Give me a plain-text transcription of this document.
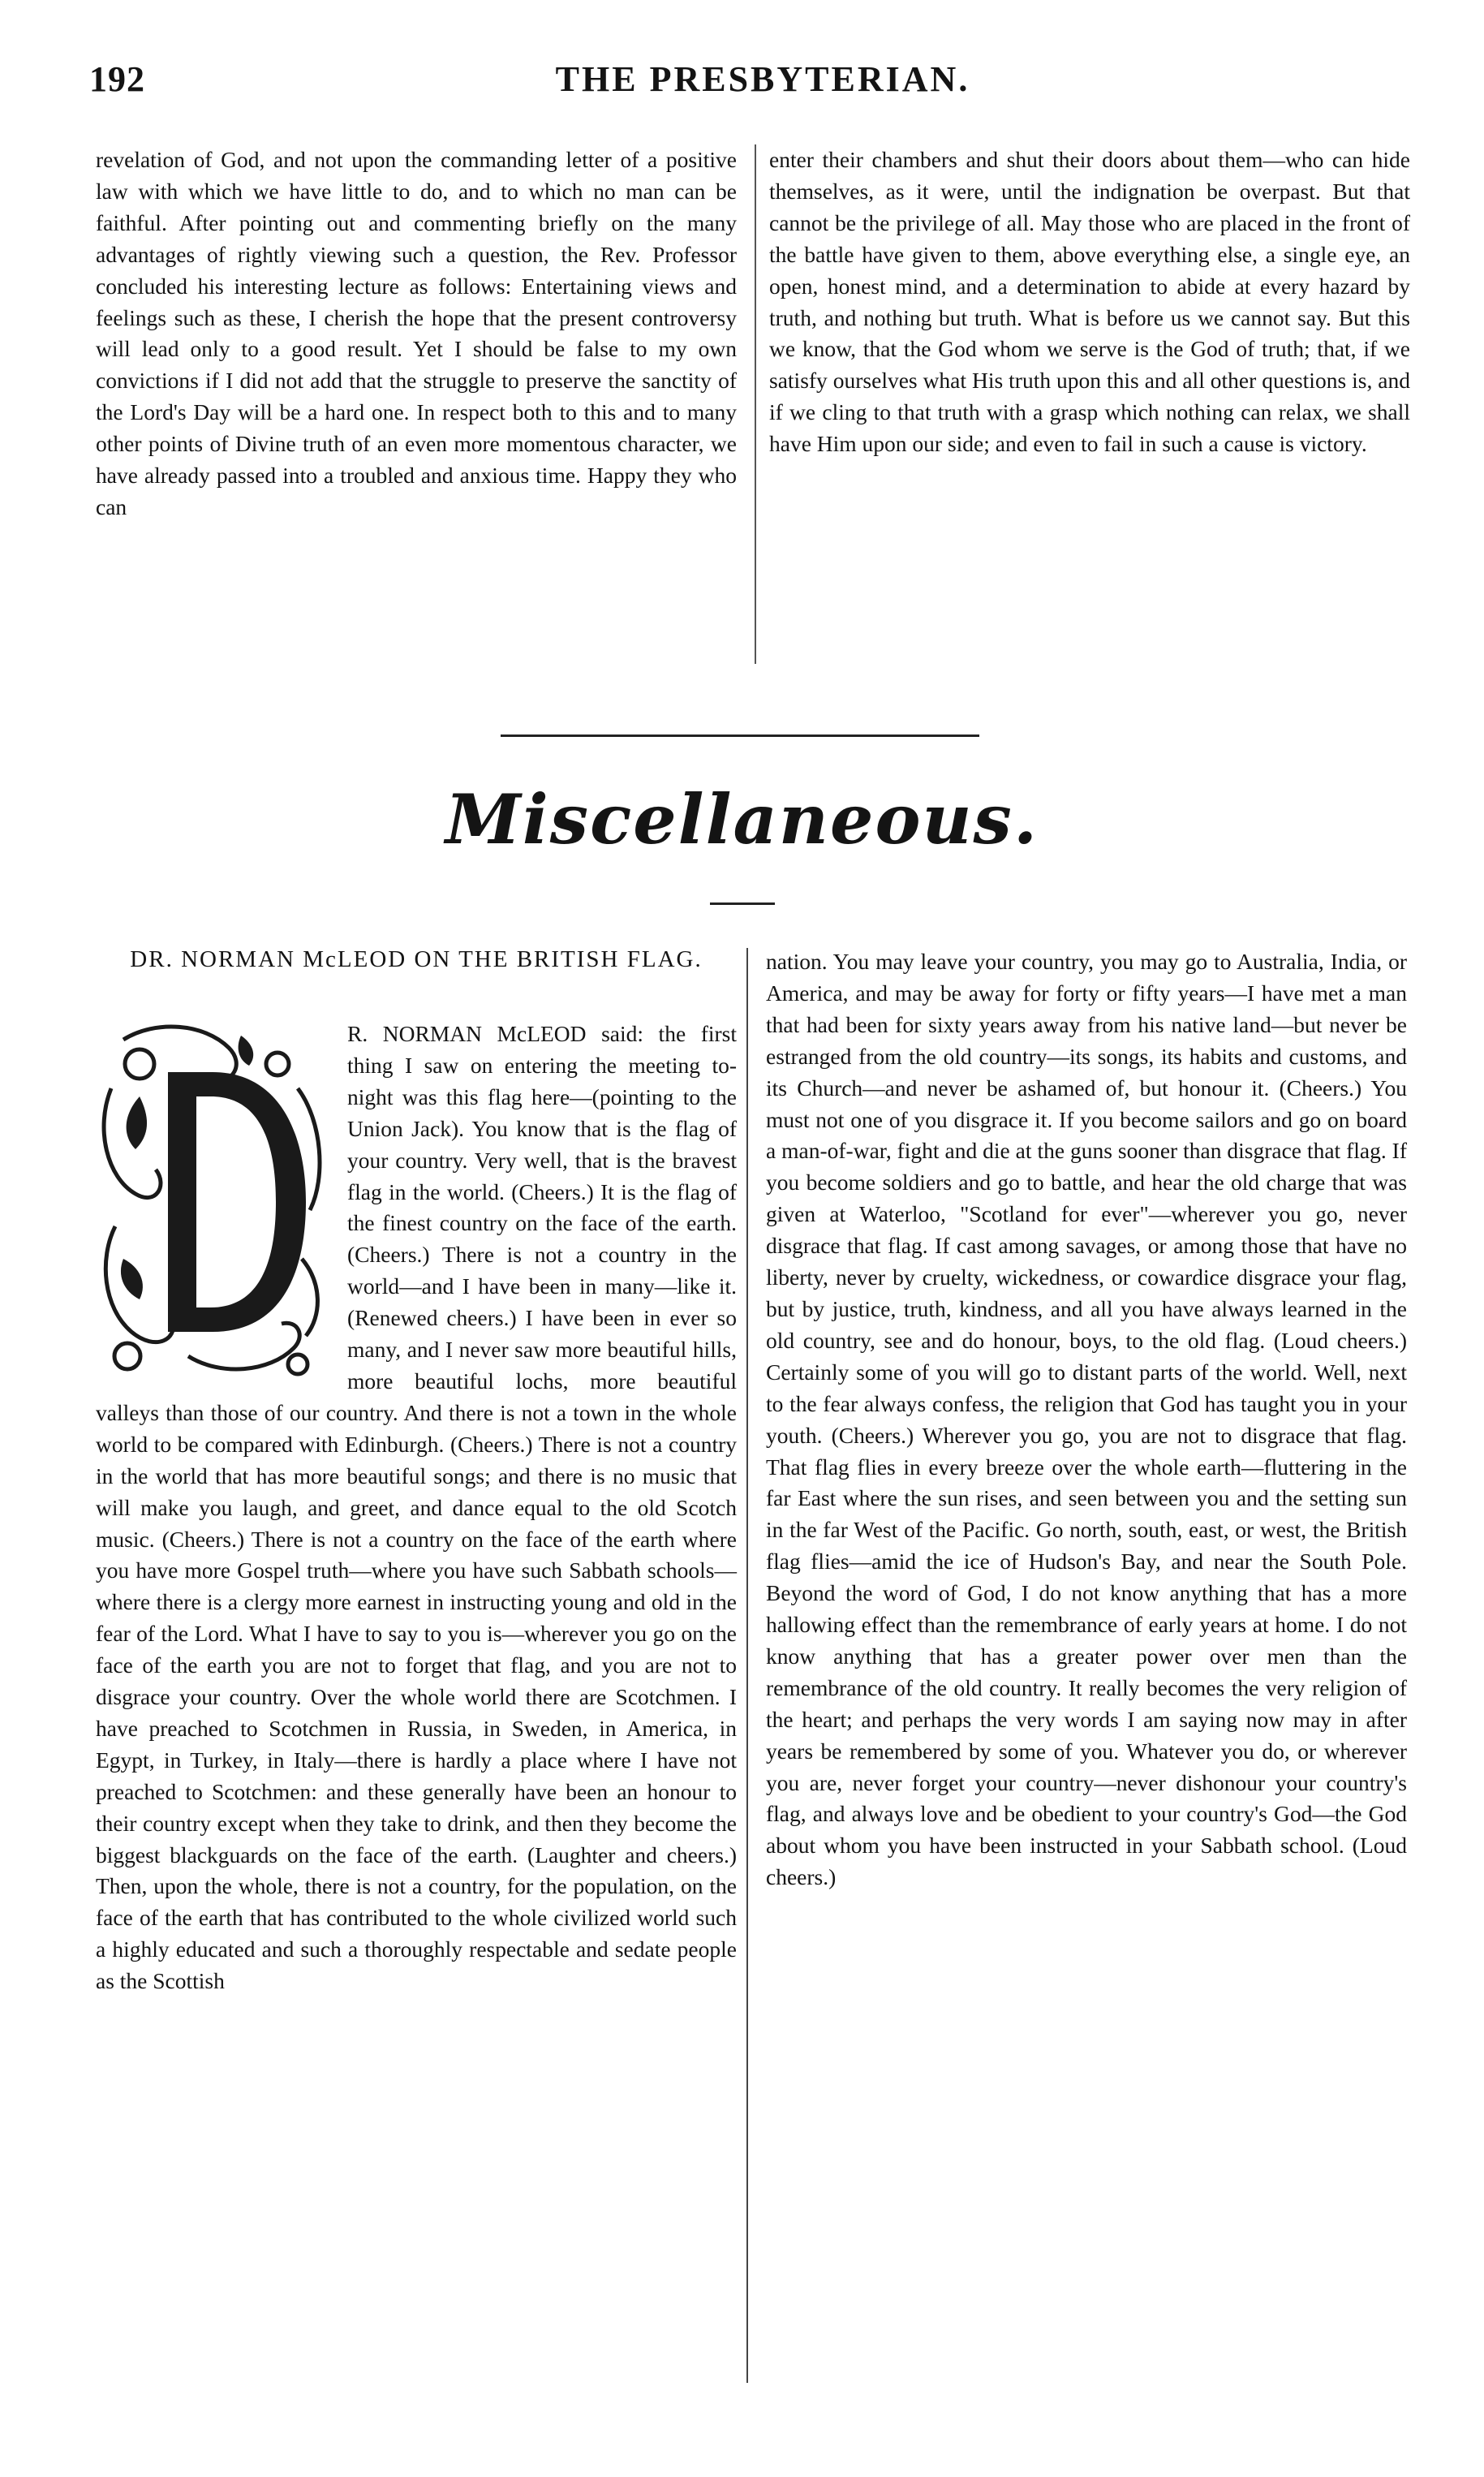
192	THE PRESBYTERIAN.

revelation of God, and not upon the commanding letter of a positive law with which we have little to do, and to which no man can be faithful. After pointing out and commenting briefly on the many advantages of rightly viewing such a question, the Rev. Professor concluded his interesting lecture as follows: Entertaining views and feelings such as these, I cherish the hope that the present controversy will lead only to a good result. Yet I should be false to my own convictions if I did not add that the struggle to preserve the sanctity of the Lord's Day will be a hard one. In respect both to this and to many other points of Divine truth of an even more momentous character, we have already passed into a troubled and anxious time. Happy they who can

enter their chambers and shut their doors about them—who can hide themselves, as it were, until the indignation be overpast. But that cannot be the privilege of all. May those who are placed in the front of the battle have given to them, above everything else, a single eye, an open, honest mind, and a determination to abide at every hazard by truth, and nothing but truth. What is before us we cannot say. But this we know, that the God whom we serve is the God of truth; that, if we satisfy ourselves what His truth upon this and all other questions is, and if we cling to that truth with a grasp which nothing can relax, we shall have Him upon our side; and even to fail in such a cause is victory.

Miscellaneous.
DR. NORMAN McLEOD ON THE BRITISH FLAG.

R. NORMAN McLEOD said: the first thing I saw on entering the meeting to-night was this flag here—(pointing to the Union Jack). You know that is the flag of your country. Very well, that is the bravest flag in the world. (Cheers.) It is the flag of the finest country on the face of the earth. (Cheers.) There is not a country in the world—and I have been in many—like it. (Renewed cheers.) I have been in ever so many, and I never saw more beautiful hills, more beautiful lochs, more beautiful valleys than those of our country. And there is not a town in the whole world to be compared with Edinburgh. (Cheers.) There is not a country in the world that has more beautiful songs; and there is no music that will make you laugh, and greet, and dance equal to the old Scotch music. (Cheers.) There is not a country on the face of the earth where you have more Gospel truth—where you have such Sabbath schools—where there is a clergy more earnest in instructing young and old in the fear of the Lord. What I have to say to you is—wherever you go on the face of the earth you are not to forget that flag, and you are not to disgrace your country. Over the whole world there are Scotchmen. I have preached to Scotchmen in Russia, in Sweden, in America, in Egypt, in Turkey, in Italy—there is hardly a place where I have not preached to Scotchmen: and these generally have been an honour to their country except when they take to drink, and then they become the biggest blackguards on the face of the earth. (Laughter and cheers.) Then, upon the whole, there is not a country, for the population, on the face of the earth that has contributed to the whole civilized world such a highly educated and such a thoroughly respectable and sedate people as the Scottish

nation. You may leave your country, you may go to Australia, India, or America, and may be away for forty or fifty years—I have met a man that had been for sixty years away from his native land—but never be estranged from the old country—its songs, its habits and customs, and its Church—and never be ashamed of, but honour it. (Cheers.) You must not one of you disgrace it. If you become sailors and go on board a man-of-war, fight and die at the guns sooner than disgrace that flag. If you become soldiers and go to battle, and hear the old charge that was given at Waterloo, "Scotland for ever"—wherever you go, never disgrace that flag. If cast among savages, or among those that have no liberty, never by cruelty, wickedness, or cowardice disgrace your flag, but by justice, truth, kindness, and all you have always learned in the old country, see and do honour, boys, to the old flag. (Loud cheers.) Certainly some of you will go to distant parts of the world. Well, next to the fear always confess, the religion that God has taught you in your youth. (Cheers.) Wherever you go, you are not to disgrace that flag. That flag flies in every breeze over the whole earth—fluttering in the far East where the sun rises, and seen between you and the setting sun in the far West of the Pacific. Go north, south, east, or west, the British flag flies—amid the ice of Hudson's Bay, and near the South Pole. Beyond the word of God, I do not know anything that has a more hallowing effect than the remembrance of early years at home. I do not know anything that has a greater power over men than the remembrance of the old country. It really becomes the very religion of the heart; and perhaps the very words I am saying now may in after years be remembered by some of you. Whatever you do, or wherever you are, never forget your country—never dishonour your country's flag, and always love and be obedient to your country's God—the God about whom you have been instructed in your Sabbath school. (Loud cheers.)
